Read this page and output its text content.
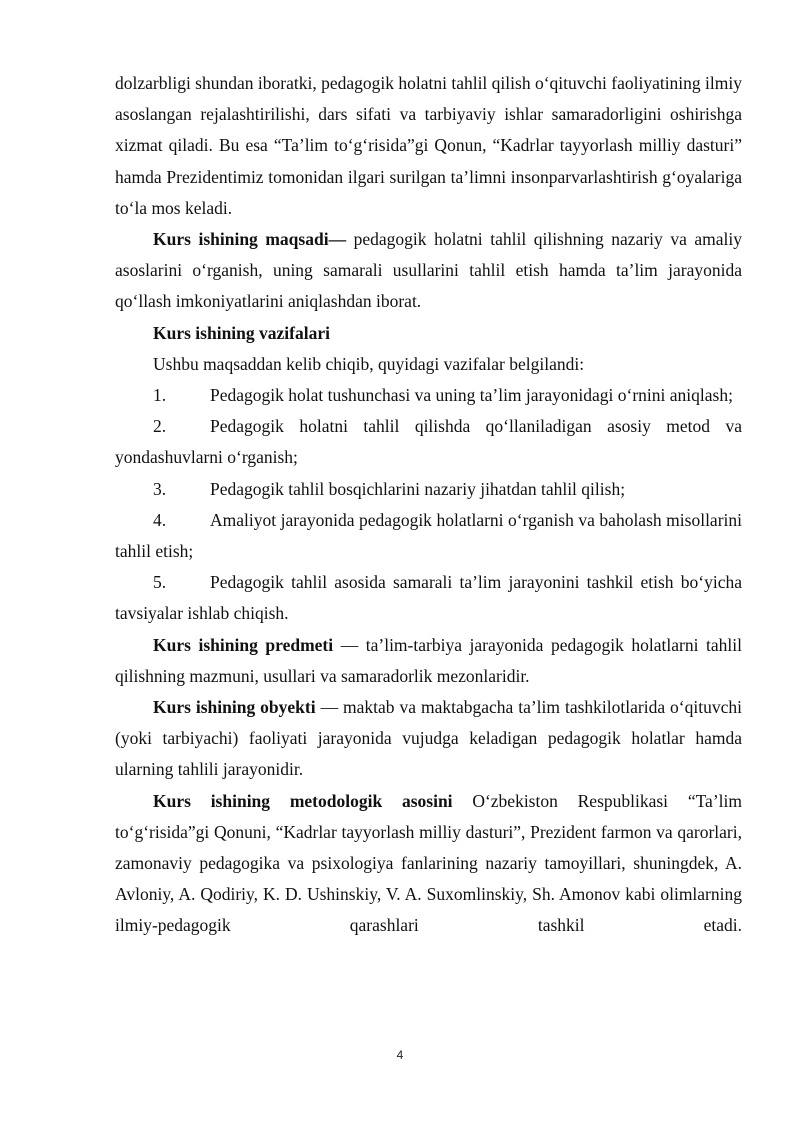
dolzarbligi shundan iboratki, pedagogik holatni tahlil qilish oʻqituvchi faoliyatining ilmiy asoslangan rejalashtirilishi, dars sifati va tarbiyaviy ishlar samaradorligini oshirishga xizmat qiladi. Bu esa “Ta’lim toʻgʻrisida”gi Qonun, “Kadrlar tayyorlash milliy dasturi” hamda Prezidentimiz tomonidan ilgari surilgan ta’limni insonparvarlashtirish gʻoyalariga toʻla mos keladi.

Kurs ishining maqsadi— pedagogik holatni tahlil qilishning nazariy va amaliy asoslarini oʻrganish, uning samarali usullarini tahlil etish hamda ta’lim jarayonida qoʻllash imkoniyatlarini aniqlashdan iborat.

Kurs ishining vazifalari

Ushbu maqsaddan kelib chiqib, quyidagi vazifalar belgilandi:

1.	Pedagogik holat tushunchasi va uning ta’lim jarayonidagi oʻrnini aniqlash;

2.	Pedagogik holatni tahlil qilishda qoʻllaniladigan asosiy metod va yondashuvlarni oʻrganish;

3.	Pedagogik tahlil bosqichlarini nazariy jihatdan tahlil qilish;

4.	Amaliyot jarayonida pedagogik holatlarni oʻrganish va baholash misollarini tahlil etish;

5.	Pedagogik tahlil asosida samarali ta’lim jarayonini tashkil etish boʻyicha tavsiyalar ishlab chiqish.

Kurs ishining predmeti — ta’lim-tarbiya jarayonida pedagogik holatlarni tahlil qilishning mazmuni, usullari va samaradorlik mezonlaridir.

Kurs ishining obyekti — maktab va maktabgacha ta’lim tashkilotlarida oʻqituvchi (yoki tarbiyachi) faoliyati jarayonida vujudga keladigan pedagogik holatlar hamda ularning tahlili jarayonidir.

Kurs ishining metodologik asosini Oʻzbekiston Respublikasi “Ta’lim toʻgʻrisida”gi Qonuni, “Kadrlar tayyorlash milliy dasturi”, Prezident farmon va qarorlari, zamonaviy pedagogika va psixologiya fanlarining nazariy tamoyillari, shuningdek, A. Avloniy, A. Qodiriy, K. D. Ushinskiy, V. A. Suxomlinskiy, Sh. Amonov kabi olimlarning ilmiy-pedagogik qarashlari tashkil etadi.

4
